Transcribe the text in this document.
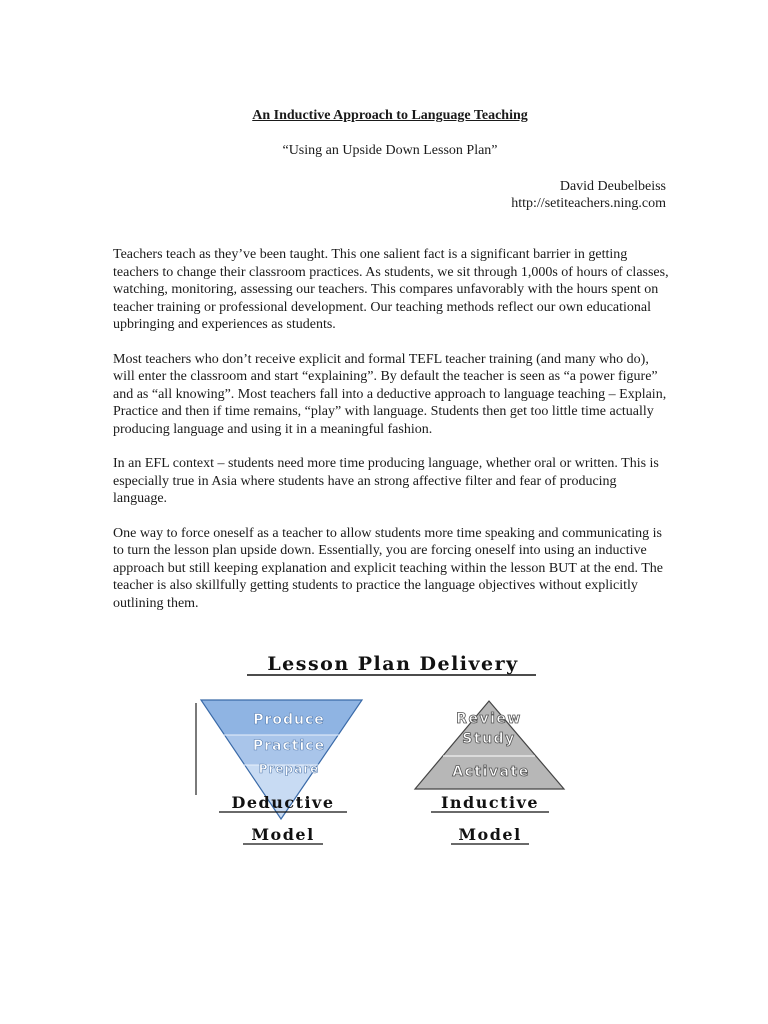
An Inductive Approach to Language Teaching
“Using an Upside Down Lesson Plan”
David Deubelbeiss
http://setiteachers.ning.com

Teachers teach as they’ve been taught. This one salient fact is a significant barrier in getting teachers to change their classroom practices. As students, we sit through 1,000s of hours of classes, watching, monitoring, assessing our teachers. This compares unfavorably with the hours spent on teacher training or professional development. Our teaching methods reflect our own educational upbringing and experiences as students.

Most teachers who don’t receive explicit and formal TEFL teacher training (and many who do), will enter the classroom and start “explaining”. By default the teacher is seen as “a power figure” and as “all knowing”. Most teachers fall into a deductive approach to language teaching – Explain, Practice and then if time remains, “play” with language. Students then get too little time actually producing language and using it in a meaningful fashion.

In an EFL context – students need more time producing language, whether oral or written. This is especially true in Asia where students have an strong affective filter and fear of producing language.

One way to force oneself as a teacher to allow students more time speaking and communicating is to turn the lesson plan upside down. Essentially, you are forcing oneself into using an inductive approach but still keeping explanation and explicit teaching within the lesson BUT at the end. The teacher is also skillfully getting students to practice the language objectives without explicitly outlining them.

Lesson Plan Delivery
Produce
Practice
Prepare
Review
Study
Activate
Deductive
Model
Inductive
Model
